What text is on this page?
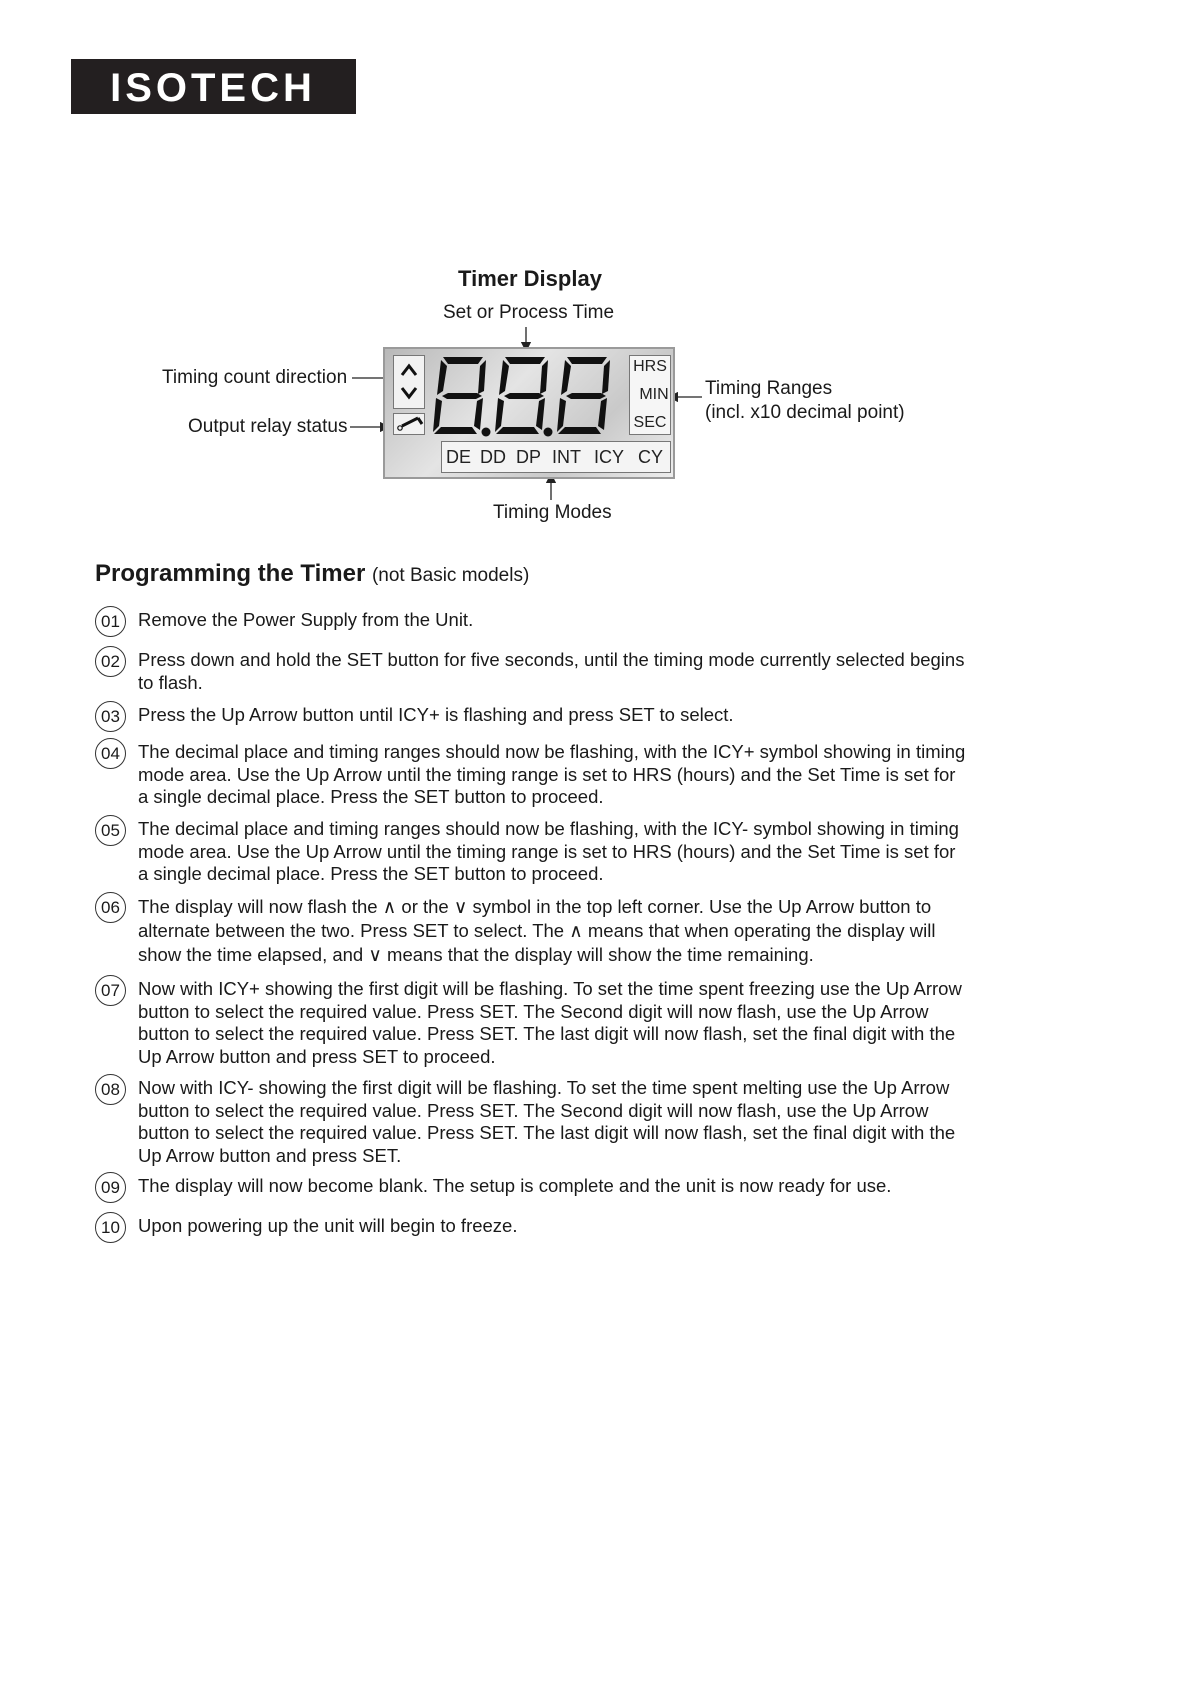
ISOTECH
Timer Display
Set or Process Time
Timing count direction
Output relay status
Timing Ranges
(incl. x10 decimal point)
Timing Modes
HRS
MIN
SEC
DE DD DP INT ICY CY
Programming the Timer (not Basic models)
01 Remove the Power Supply from the Unit.
02 Press down and hold the SET button for five seconds, until the timing mode currently selected begins to flash.
03 Press the Up Arrow button until ICY+ is flashing and press SET to select.
04 The decimal place and timing ranges should now be flashing, with the ICY+ symbol showing in timing mode area. Use the Up Arrow until the timing range is set to HRS (hours) and the Set Time is set for a single decimal place. Press the SET button to proceed.
05 The decimal place and timing ranges should now be flashing, with the ICY- symbol showing in timing mode area. Use the Up Arrow until the timing range is set to HRS (hours) and the Set Time is set for a single decimal place. Press the SET button to proceed.
06 The display will now flash the ∧ or the ∨ symbol in the top left corner. Use the Up Arrow button to alternate between the two. Press SET to select. The ∧ means that when operating the display will show the time elapsed, and ∨ means that the display will show the time remaining.
07 Now with ICY+ showing the first digit will be flashing. To set the time spent freezing use the Up Arrow button to select the required value. Press SET. The Second digit will now flash, use the Up Arrow button to select the required value. Press SET. The last digit will now flash, set the final digit with the Up Arrow button and press SET to proceed.
08 Now with ICY- showing the first digit will be flashing. To set the time spent melting use the Up Arrow button to select the required value. Press SET. The Second digit will now flash, use the Up Arrow button to select the required value. Press SET. The last digit will now flash, set the final digit with the Up Arrow button and press SET.
09 The display will now become blank. The setup is complete and the unit is now ready for use.
10 Upon powering up the unit will begin to freeze.
